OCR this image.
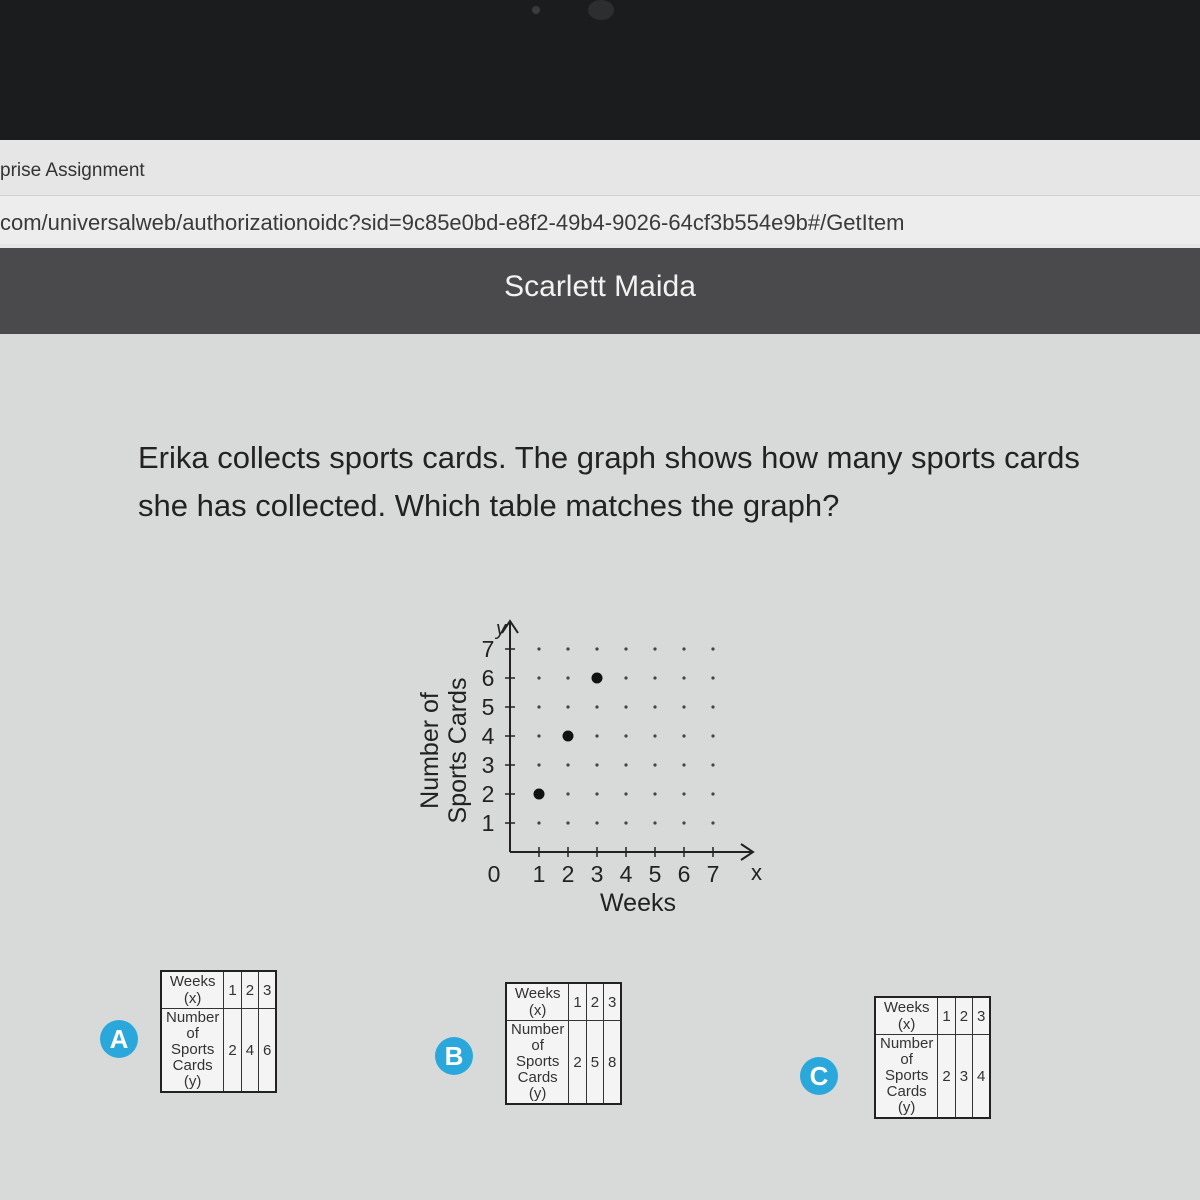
prise Assignment
com/universalweb/authorizationoidc?sid=9c85e0bd-e8f2-49b4-9026-64cf3b554e9b#/GetItem
Scarlett Maida
Erika collects sports cards. The graph shows how many sports cards she has collected. Which table matches the graph?
y
x
0 1 2 3 4 5 6 7
1
2
3
4
5
6
7
Weeks
Number ofSports Cards
A
Weeks (x)	1	2	3
Number of Sports Cards (y)	2	4	6	B
Weeks (x)	1	2	3
Number of Sports Cards (y)	2	5	8	C
Weeks (x)	1	2	3
Number of Sports Cards (y)	2	3	4
